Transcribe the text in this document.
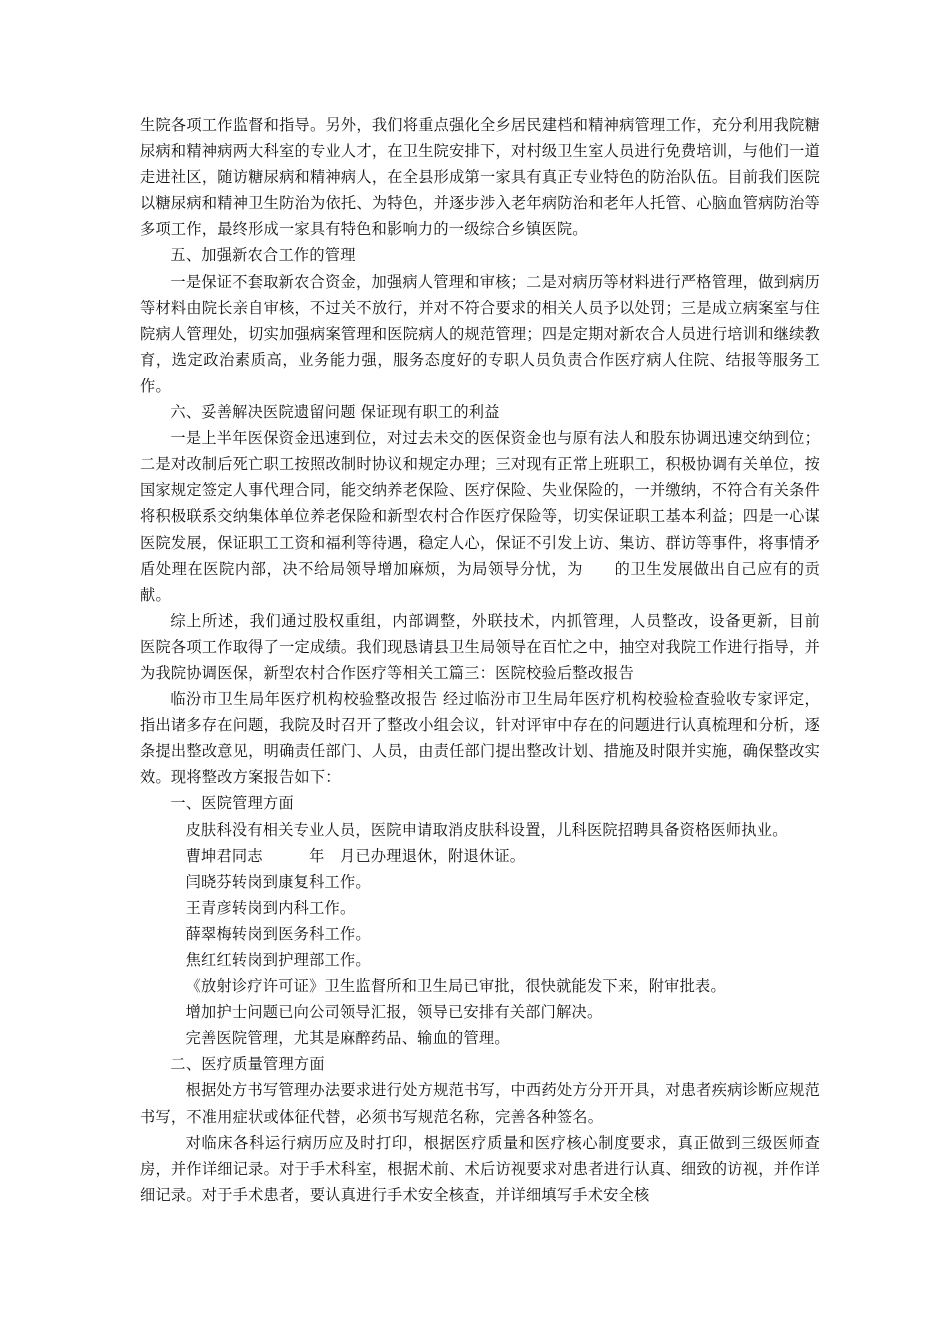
生院各项工作监督和指导。另外，我们将重点强化全乡居民建档和精神病管理工作，充分利用我院糖尿病和精神病两大科室的专业人才，在卫生院安排下，对村级卫生室人员进行免费培训，与他们一道走进社区，随访糖尿病和精神病人，在全县形成第一家具有真正专业特色的防治队伍。目前我们医院以糖尿病和精神卫生防治为依托、为特色，并逐步涉入老年病防治和老年人托管、心脑血管病防治等多项工作，最终形成一家具有特色和影响力的一级综合乡镇医院。

五、加强新农合工作的管理

一是保证不套取新农合资金，加强病人管理和审核；二是对病历等材料进行严格管理，做到病历等材料由院长亲自审核，不过关不放行，并对不符合要求的相关人员予以处罚；三是成立病案室与住院病人管理处，切实加强病案管理和医院病人的规范管理；四是定期对新农合人员进行培训和继续教育，选定政治素质高，业务能力强，服务态度好的专职人员负责合作医疗病人住院、结报等服务工作。

六、妥善解决医院遗留问题 保证现有职工的利益

一是上半年医保资金迅速到位，对过去未交的医保资金也与原有法人和股东协调迅速交纳到位；二是对改制后死亡职工按照改制时协议和规定办理；三对现有正常上班职工，积极协调有关单位，按国家规定签定人事代理合同，能交纳养老保险、医疗保险、失业保险的，一并缴纳，不符合有关条件将积极联系交纳集体单位养老保险和新型农村合作医疗保险等，切实保证职工基本利益；四是一心谋医院发展，保证职工工资和福利等待遇，稳定人心，保证不引发上访、集访、群访等事件，将事情矛盾处理在医院内部，决不给局领导增加麻烦，为局领导分忧，为　　的卫生发展做出自己应有的贡献。

综上所述，我们通过股权重组，内部调整，外联技术，内抓管理，人员整改，设备更新，目前　　医院各项工作取得了一定成绩。我们现恳请县卫生局领导在百忙之中，抽空对我院工作进行指导，并为我院协调医保，新型农村合作医疗等相关工篇三：医院校验后整改报告

临汾市卫生局年医疗机构校验整改报告 经过临汾市卫生局年医疗机构校验检查验收专家评定，指出诸多存在问题，我院及时召开了整改小组会议，针对评审中存在的问题进行认真梳理和分析，逐条提出整改意见，明确责任部门、人员，由责任部门提出整改计划、措施及时限并实施，确保整改实效。现将整改方案报告如下：

一、医院管理方面

皮肤科没有相关专业人员，医院申请取消皮肤科设置，儿科医院招聘具备资格医师执业。

曹坤君同志　　　年　月已办理退休，附退休证。

闫晓芬转岗到康复科工作。

王青彦转岗到内科工作。

薛翠梅转岗到医务科工作。

焦红红转岗到护理部工作。

《放射诊疗许可证》卫生监督所和卫生局已审批，很快就能发下来，附审批表。

增加护士问题已向公司领导汇报，领导已安排有关部门解决。

完善医院管理，尤其是麻醉药品、输血的管理。

二、医疗质量管理方面

根据处方书写管理办法要求进行处方规范书写，中西药处方分开开具，对患者疾病诊断应规范书写，不准用症状或体征代替，必须书写规范名称，完善各种签名。

对临床各科运行病历应及时打印，根据医疗质量和医疗核心制度要求，真正做到三级医师查房，并作详细记录。对于手术科室，根据术前、术后访视要求对患者进行认真、细致的访视，并作详细记录。对于手术患者，要认真进行手术安全核查，并详细填写手术安全核
